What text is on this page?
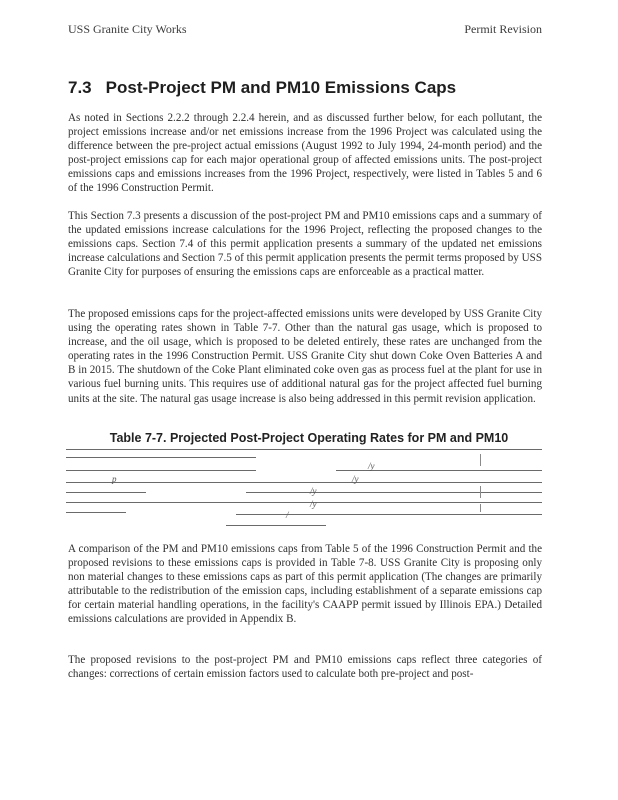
USS Granite City Works	Permit Revision
7.3 Post-Project PM and PM10 Emissions Caps

As noted in Sections 2.2.2 through 2.2.4 herein, and as discussed further below, for each pollutant, the project emissions increase and/or net emissions increase from the 1996 Project was calculated using the difference between the pre-project actual emissions (August 1992 to July 1994, 24-month period) and the post-project emissions cap for each major operational group of affected emissions units. The post-project emissions caps and emissions increases from the 1996 Project, respectively, were listed in Tables 5 and 6 of the 1996 Construction Permit.

This Section 7.3 presents a discussion of the post-project PM and PM10 emissions caps and a summary of the updated emissions increase calculations for the 1996 Project, reflecting the proposed changes to the emissions caps. Section 7.4 of this permit application presents a summary of the updated net emissions increase calculations and Section 7.5 of this permit application presents the permit terms proposed by USS Granite City for purposes of ensuring the emissions caps are enforceable as a practical matter.

The proposed emissions caps for the project-affected emissions units were developed by USS Granite City using the operating rates shown in Table 7-7. Other than the natural gas usage, which is proposed to increase, and the oil usage, which is proposed to be deleted entirely, these rates are unchanged from the operating rates in the 1996 Construction Permit. USS Granite City shut down Coke Oven Batteries A and B in 2015. The shutdown of the Coke Plant eliminated coke oven gas as process fuel at the plant for use in various fuel burning units. This requires use of additional natural gas for the project affected fuel burning units at the site. The natural gas usage increase is also being addressed in this permit revision application.

Table 7-7. Projected Post-Project Operating Rates for PM and PM10
/y
p	/y
/y
/y
/

A comparison of the PM and PM10 emissions caps from Table 5 of the 1996 Construction Permit and the proposed revisions to these emissions caps is provided in Table 7-8. USS Granite City is proposing only non material changes to these emissions caps as part of this permit application (The changes are primarily attributable to the redistribution of the emission caps, including establishment of a separate emissions cap for certain material handling operations, in the facility's CAAPP permit issued by Illinois EPA.) Detailed emissions calculations are provided in Appendix B.

The proposed revisions to the post-project PM and PM10 emissions caps reflect three categories of changes: corrections of certain emission factors used to calculate both pre-project and post-
